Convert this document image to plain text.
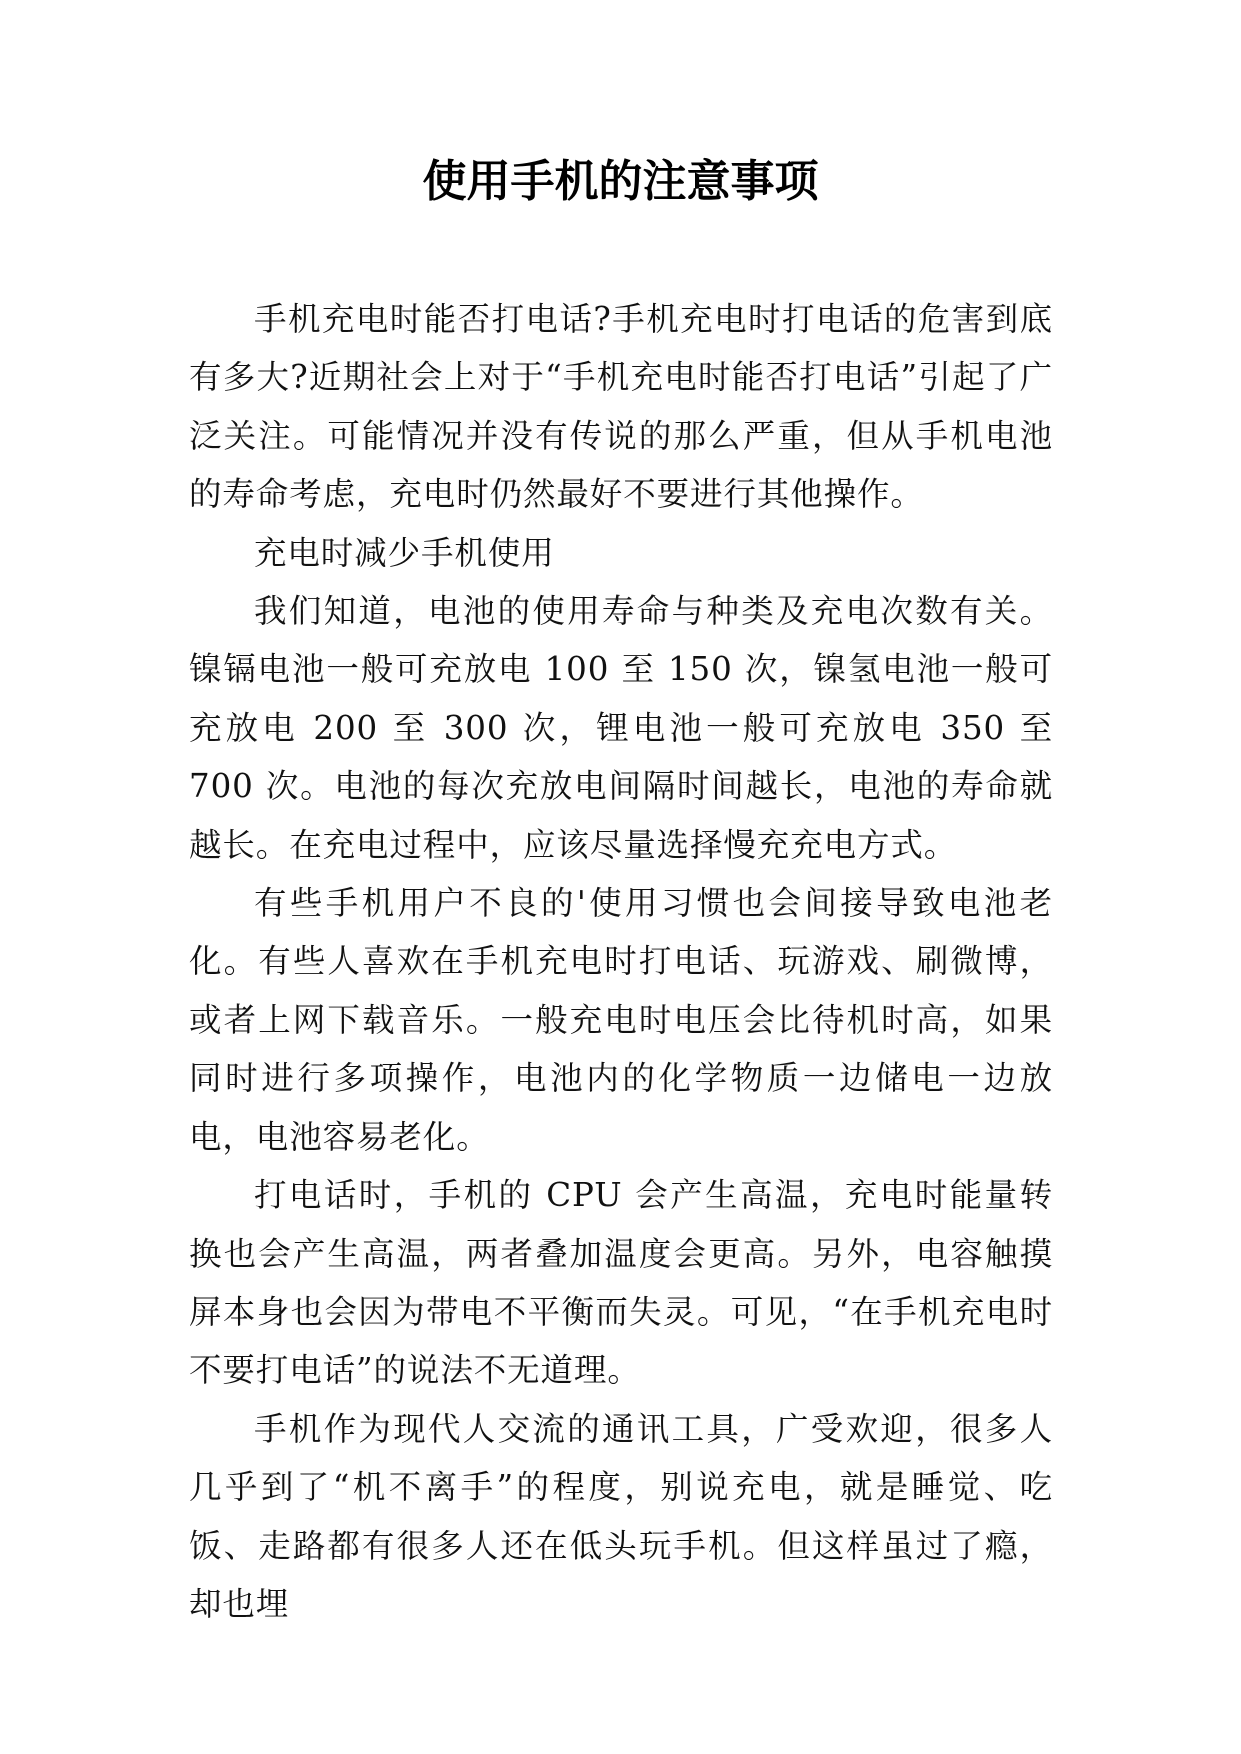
使用手机的注意事项

手机充电时能否打电话?手机充电时打电话的危害到底有多大?近期社会上对于“手机充电时能否打电话”引起了广泛关注。可能情况并没有传说的那么严重，但从手机电池的寿命考虑，充电时仍然最好不要进行其他操作。

充电时减少手机使用

我们知道，电池的使用寿命与种类及充电次数有关。镍镉电池一般可充放电 100 至 150 次，镍氢电池一般可充放电 200 至 300 次，锂电池一般可充放电 350 至 700 次。电池的每次充放电间隔时间越长，电池的寿命就越长。在充电过程中，应该尽量选择慢充充电方式。

有些手机用户不良的'使用习惯也会间接导致电池老化。有些人喜欢在手机充电时打电话、玩游戏、刷微博，或者上网下载音乐。一般充电时电压会比待机时高，如果同时进行多项操作，电池内的化学物质一边储电一边放电，电池容易老化。

打电话时，手机的 CPU 会产生高温，充电时能量转换也会产生高温，两者叠加温度会更高。另外，电容触摸屏本身也会因为带电不平衡而失灵。可见，“在手机充电时不要打电话”的说法不无道理。

手机作为现代人交流的通讯工具，广受欢迎，很多人几乎到了“机不离手”的程度，别说充电，就是睡觉、吃饭、走路都有很多人还在低头玩手机。但这样虽过了瘾，却也埋
